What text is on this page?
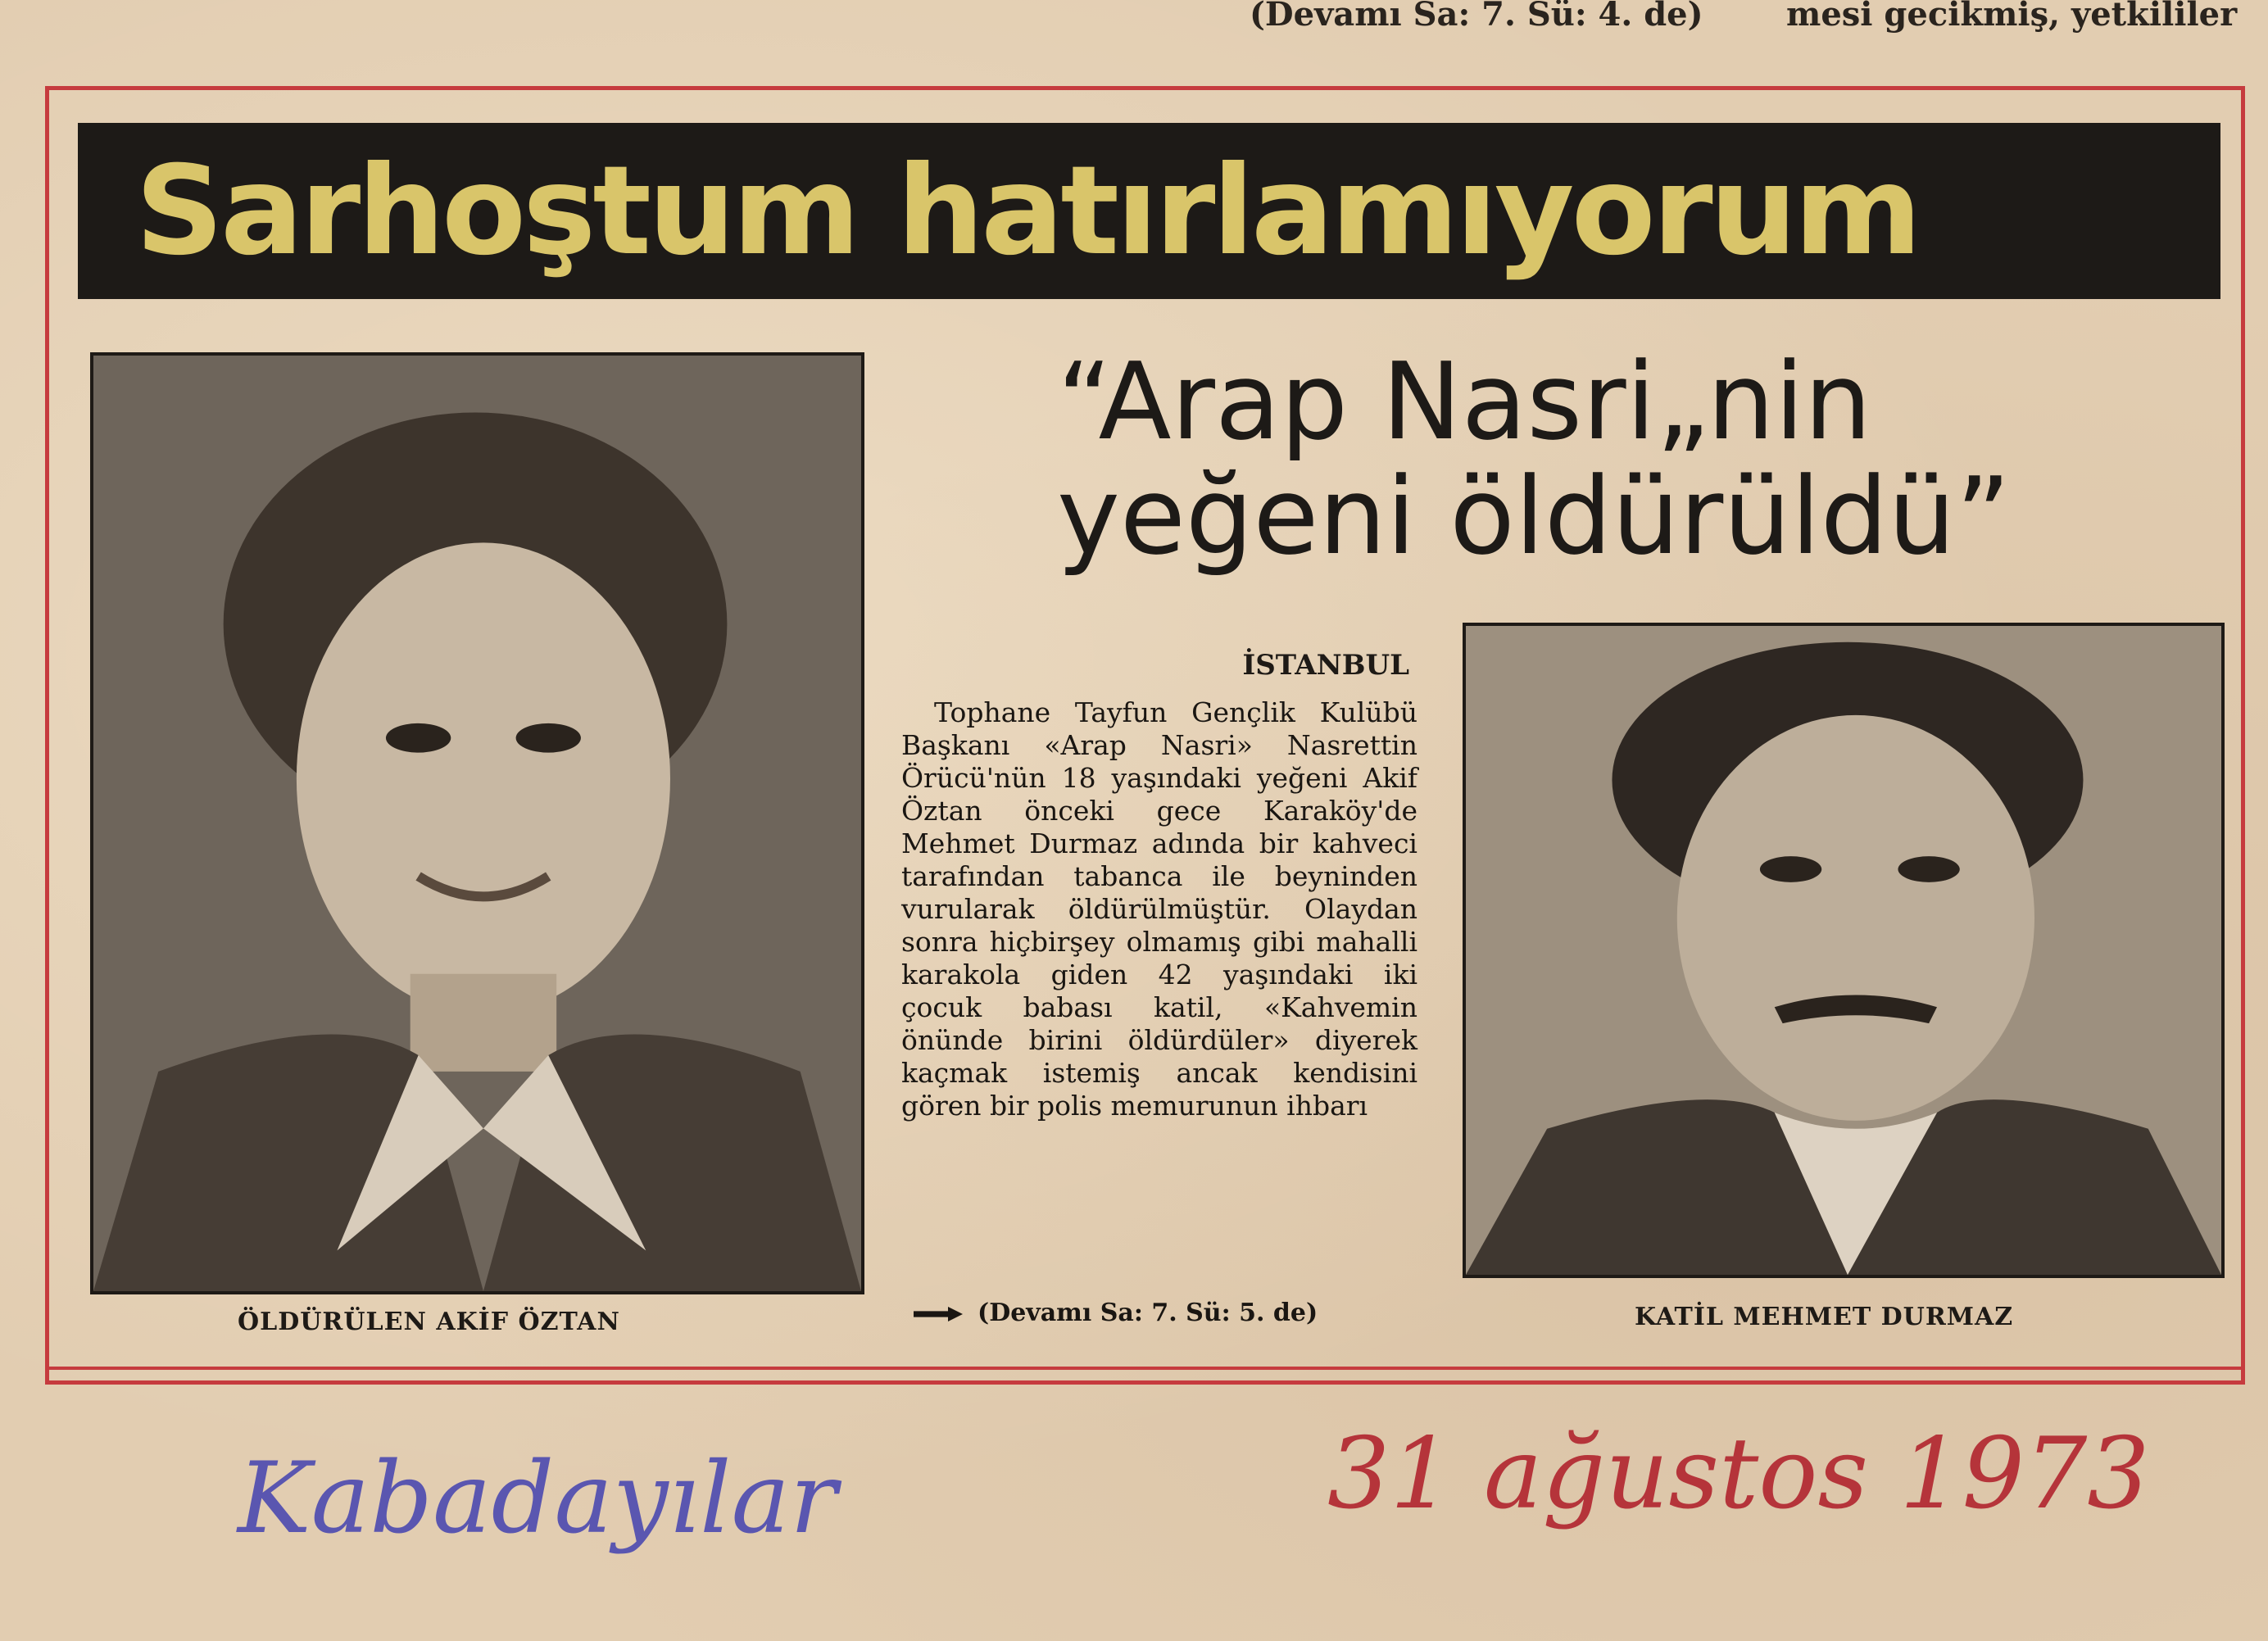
(Devamı Sa: 7. Sü: 4. de)	mesi gecikmiş, yetkililer
Sarhoştum hatırlamıyorum
ÖLDÜRÜLEN AKİF ÖZTAN
“Arap Nasri„nin
yeğeni öldürüldü”
İSTANBUL

Tophane Tayfun Gençlik Kulübü Başkanı «Arap Nasri» Nasrettin Örücü'nün 18 yaşındaki yeğeni Akif Öztan önceki gece Karaköy'de Mehmet Durmaz adında bir kahveci tarafından tabanca ile beyninden vurularak öldürülmüştür. Olaydan sonra hiçbirşey olmamış gibi mahalli karakola giden 42 yaşındaki iki çocuk babası katil, «Kahvemin önünde birini öldürdüler» diyerek kaçmak istemiş ancak kendisini gören bir polis memurunun ihbarı

(Devamı Sa: 7. Sü: 5. de)	KATİL MEHMET DURMAZ
Kabadayılar	31 ağustos 1973
